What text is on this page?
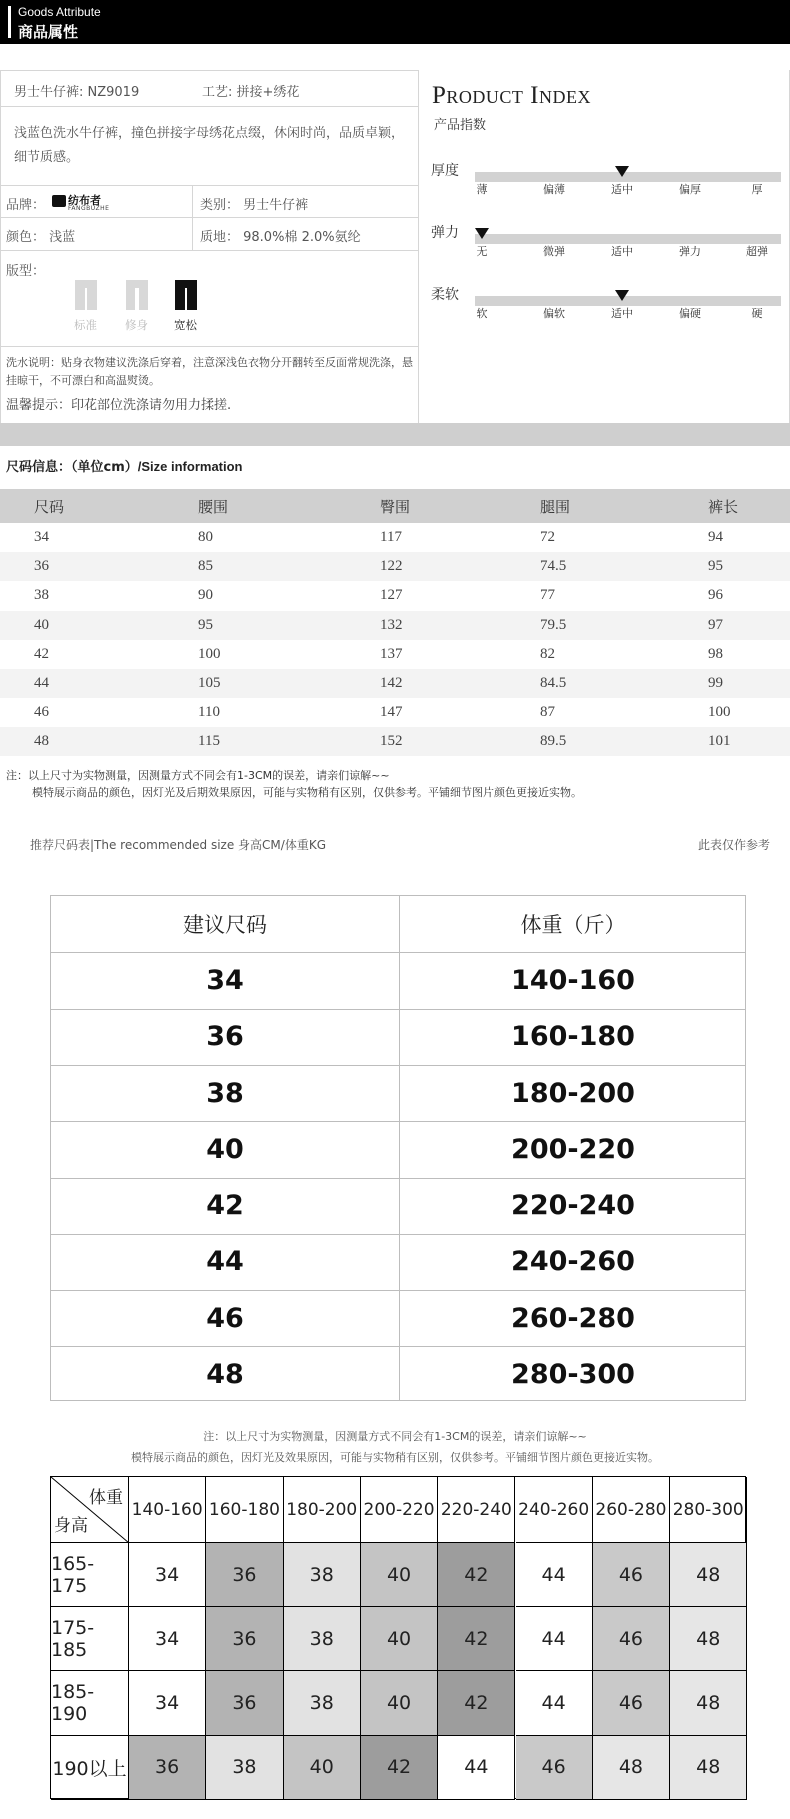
Goods Attribute
商品属性
男士牛仔裤: NZ9019	工艺: 拼接+绣花
浅蓝色洗水牛仔裤，撞色拼接字母绣花点缀，休闲时尚，品质卓颖，细节质感。
品牌： 纺布者
FANGBUZHE	类别： 男士牛仔裤
颜色： 浅蓝	质地： 98.0%棉 2.0%氨纶
版型：
标准 修身 宽松
洗水说明：贴身衣物建议洗涤后穿着，注意深浅色衣物分开翻转至反面常规洗涤，悬挂晾干，不可漂白和高温熨烫。
温馨提示：印花部位洗涤请勿用力揉搓.
Product Index
产品指数
厚度
薄	偏薄	适中	偏厚	厚
弹力
无	微弹	适中	弹力	超弹
柔软
软	偏软	适中	偏硬	硬
尺码信息：（单位cm）/Size information
尺码	腰围	臀围	腿围	裤长
34	80	117	72	94
36	85	122	74.5	95
38	90	127	77	96
40	95	132	79.5	97
42	100	137	82	98
44	105	142	84.5	99
46	110	147	87	100
48	115	152	89.5	101
注：以上尺寸为实物测量，因测量方式不同会有1-3CM的误差，请亲们谅解~~
模特展示商品的颜色，因灯光及后期效果原因，可能与实物稍有区别，仅供参考。平铺细节图片颜色更接近实物。
推荐尺码表|The recommended size 身高CM/体重KG	此表仅作参考
建议尺码	体重（斤）
34	140-160
36	160-180
38	180-200
40	200-220
42	220-240
44	240-260
46	260-280
48	280-300
注：以上尺寸为实物测量，因测量方式不同会有1-3CM的误差，请亲们谅解~~
模特展示商品的颜色，因灯光及效果原因，可能与实物稍有区别，仅供参考。平铺细节图片颜色更接近实物。
体重
身高
140-160 160-180 180-200 200-220 220-240 240-260 260-280 280-300
165-175	34	36	38	40	42	44	46	48
175-185	34	36	38	40	42	44	46	48
185-190	34	36	38	40	42	44	46	48
190以上	36	38	40	42	44	46	48	48
